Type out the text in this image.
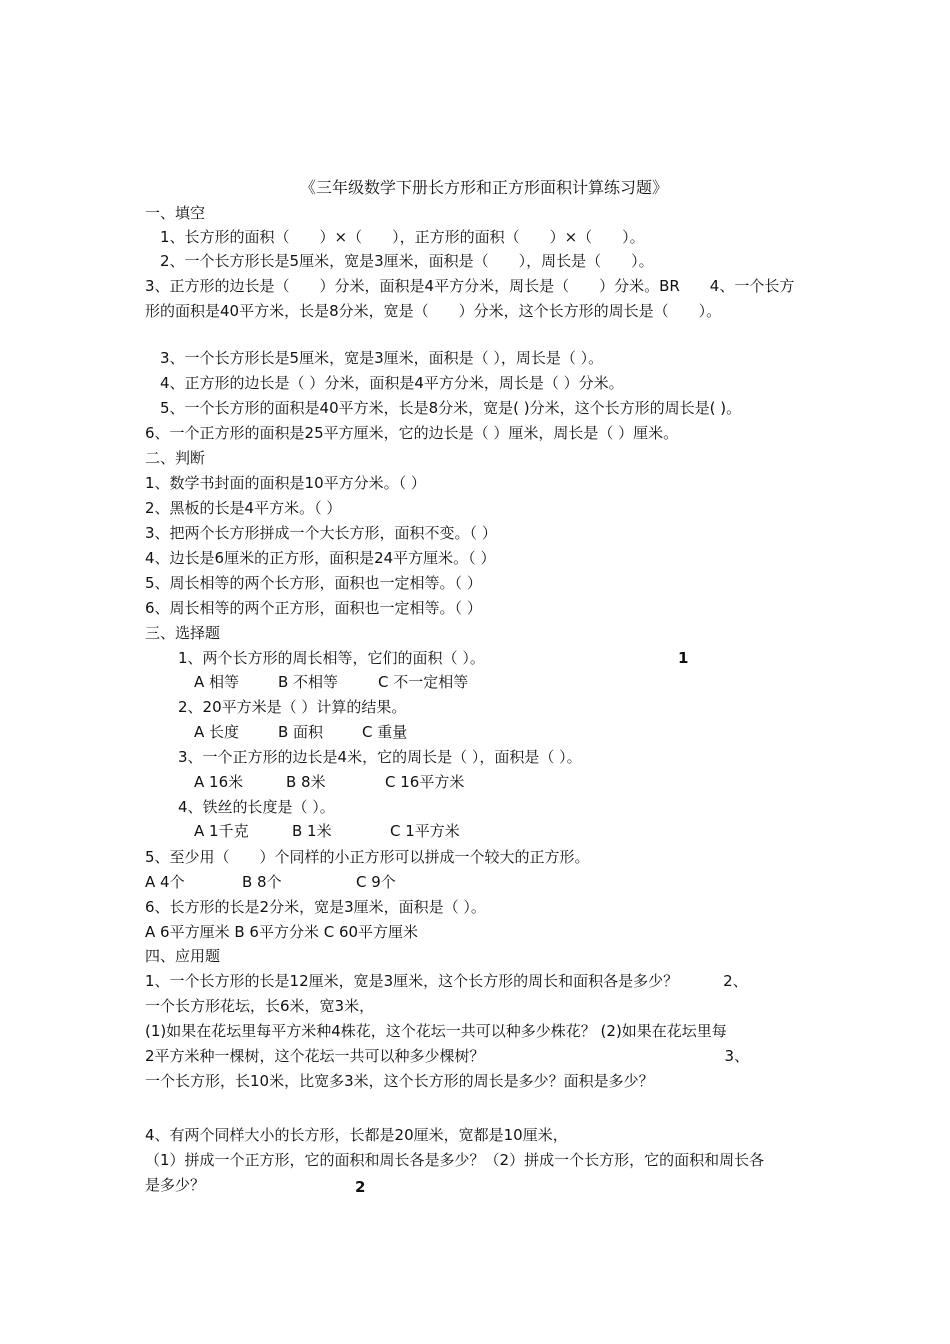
《三年级数学下册长方形和正方形面积计算练习题》
一、填空
1、长方形的面积（　　）×（　　），正方形的面积（　　）×（　　）。
2、一个长方形长是5厘米，宽是3厘米，面积是（　　），周长是（　　）。
3、正方形的边长是（　　）分米，面积是4平方分米，周长是（　　）分米。BR　　4、一个长方
形的面积是40平方米，长是8分米，宽是（　　）分米，这个长方形的周长是（　　）。
3、一个长方形长是5厘米，宽是3厘米，面积是（ ），周长是（ ）。
4、正方形的边长是（ ）分米，面积是4平方分米，周长是（ ）分米。
5、一个长方形的面积是40平方米，长是8分米，宽是( )分米，这个长方形的周长是( )。
6、一个正方形的面积是25平方厘米，它的边长是（ ）厘米，周长是（ ）厘米。
二、判断
1、数学书封面的面积是10平方分米。（ ）
2、黑板的长是4平方米。（ ）
3、把两个长方形拼成一个大长方形，面积不变。（ ）
4、边长是6厘米的正方形，面积是24平方厘米。（ ）
5、周长相等的两个长方形，面积也一定相等。（ ）
6、周长相等的两个正方形，面积也一定相等。（ ）
三、选择题
1、两个长方形的周长相等，它们的面积（ ）。	1
A 相等	B 不相等	C 不一定相等
2、20平方米是（ ）计算的结果。
A 长度	B 面积	C 重量
3、一个正方形的边长是4米，它的周长是（ ），面积是（ ）。
A 16米	B 8米	C 16平方米
4、铁丝的长度是（ ）。
A 1千克	B 1米	C 1平方米
5、至少用（　　）个同样的小正方形可以拼成一个较大的正方形。
A 4个	B 8个	C 9个
6、长方形的长是2分米，宽是3厘米，面积是（ ）。
A 6平方厘米 B 6平方分米 C 60平方厘米
四、应用题
1、一个长方形的长是12厘米，宽是3厘米，这个长方形的周长和面积各是多少？　　　2、
一个长方形花坛，长6米，宽3米，
(1)如果在花坛里每平方米种4株花，这个花坛一共可以种多少株花？ (2)如果在花坛里每
2平方米种一棵树，这个花坛一共可以种多少棵树？　　　　　　　　　　　　　　　　3、
一个长方形，长10米，比宽多3米，这个长方形的周长是多少？面积是多少？
4、有两个同样大小的长方形，长都是20厘米，宽都是10厘米，
（1）拼成一个正方形，它的面积和周长各是多少？（2）拼成一个长方形，它的面积和周长各
是多少？	2
